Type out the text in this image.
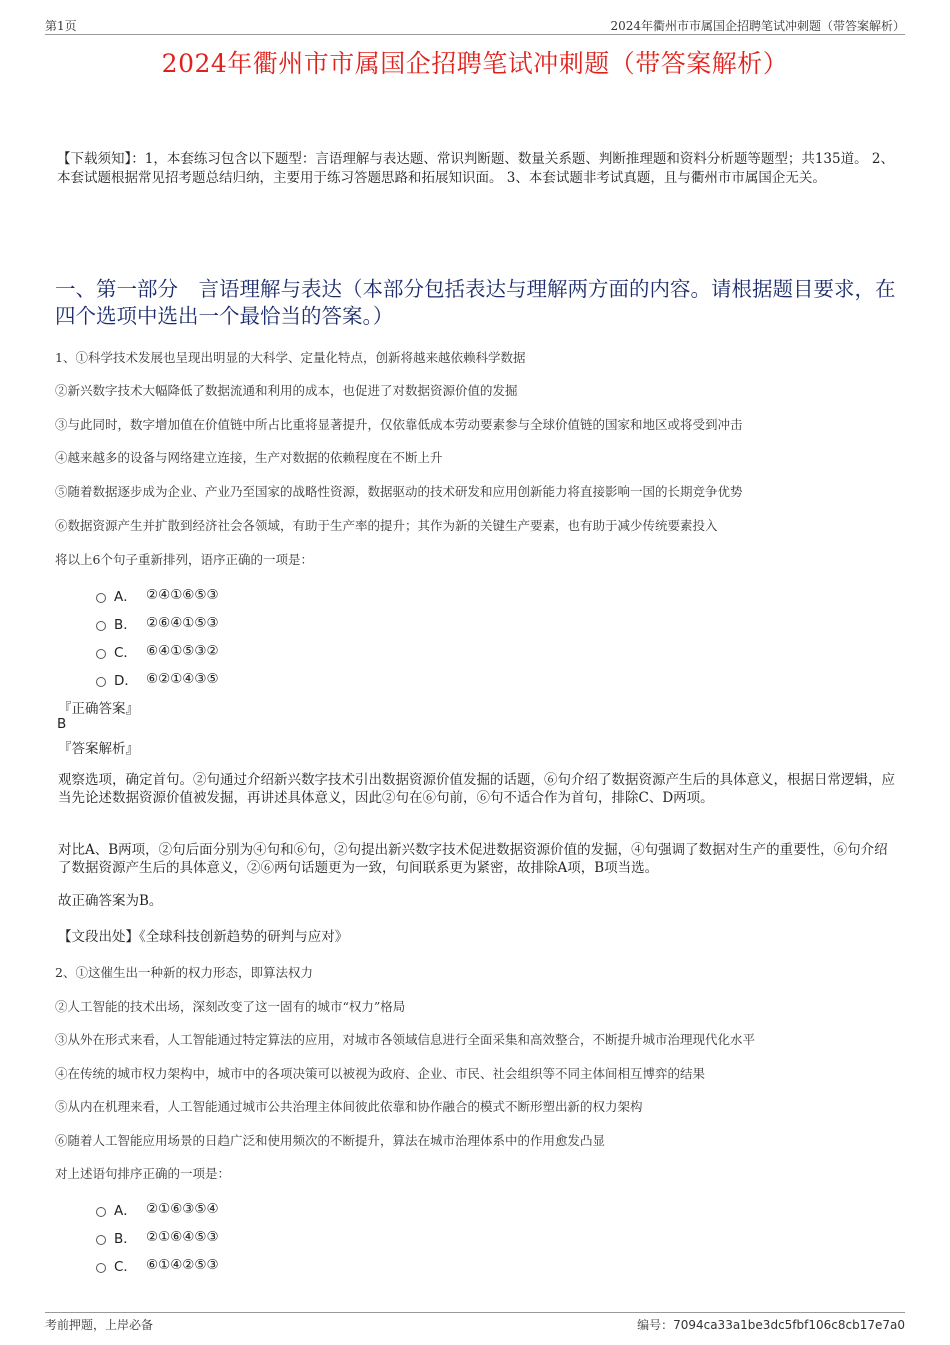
第1页	2024年衢州市市属国企招聘笔试冲刺题（带答案解析）
2024年衢州市市属国企招聘笔试冲刺题（带答案解析）
【下载须知】：1，本套练习包含以下题型：言语理解与表达题、常识判断题、数量关系题、判断推理题和资料分析题等题型；共135道。 2、本套试题根据常见招考题总结归纳，主要用于练习答题思路和拓展知识面。 3、本套试题非考试真题，且与衢州市市属国企无关。
一、第一部分　言语理解与表达（本部分包括表达与理解两方面的内容。请根据题目要求，在四个选项中选出一个最恰当的答案。）
1、①科学技术发展也呈现出明显的大科学、定量化特点，创新将越来越依赖科学数据
②新兴数字技术大幅降低了数据流通和利用的成本，也促进了对数据资源价值的发掘
③与此同时，数字增加值在价值链中所占比重将显著提升，仅依靠低成本劳动要素参与全球价值链的国家和地区或将受到冲击
④越来越多的设备与网络建立连接，生产对数据的依赖程度在不断上升
⑤随着数据逐步成为企业、产业乃至国家的战略性资源，数据驱动的技术研发和应用创新能力将直接影响一国的长期竞争优势
⑥数据资源产生并扩散到经济社会各领域，有助于生产率的提升；其作为新的关键生产要素，也有助于减少传统要素投入
将以上6个句子重新排列，语序正确的一项是：
A． ②④①⑥⑤③
B． ②⑥④①⑤③
C． ⑥④①⑤③②
D． ⑥②①④③⑤
『正确答案』
B
『答案解析』
观察选项，确定首句。②句通过介绍新兴数字技术引出数据资源价值发掘的话题，⑥句介绍了数据资源产生后的具体意义，根据日常逻辑，应当先论述数据资源价值被发掘，再讲述具体意义，因此②句在⑥句前，⑥句不适合作为首句，排除C、D两项。
对比A、B两项，②句后面分别为④句和⑥句，②句提出新兴数字技术促进数据资源价值的发掘，④句强调了数据对生产的重要性，⑥句介绍了数据资源产生后的具体意义，②⑥两句话题更为一致，句间联系更为紧密，故排除A项，B项当选。
故正确答案为B。
【文段出处】《全球科技创新趋势的研判与应对》
2、①这催生出一种新的权力形态，即算法权力
②人工智能的技术出场，深刻改变了这一固有的城市“权力”格局
③从外在形式来看，人工智能通过特定算法的应用，对城市各领域信息进行全面采集和高效整合，不断提升城市治理现代化水平
④在传统的城市权力架构中，城市中的各项决策可以被视为政府、企业、市民、社会组织等不同主体间相互博弈的结果
⑤从内在机理来看，人工智能通过城市公共治理主体间彼此依靠和协作融合的模式不断形塑出新的权力架构
⑥随着人工智能应用场景的日趋广泛和使用频次的不断提升，算法在城市治理体系中的作用愈发凸显
对上述语句排序正确的一项是：
A． ②①⑥③⑤④
B． ②①⑥④⑤③
C． ⑥①④②⑤③
考前押题，上岸必备	编号：7094ca33a1be3dc5fbf106c8cb17e7a0
